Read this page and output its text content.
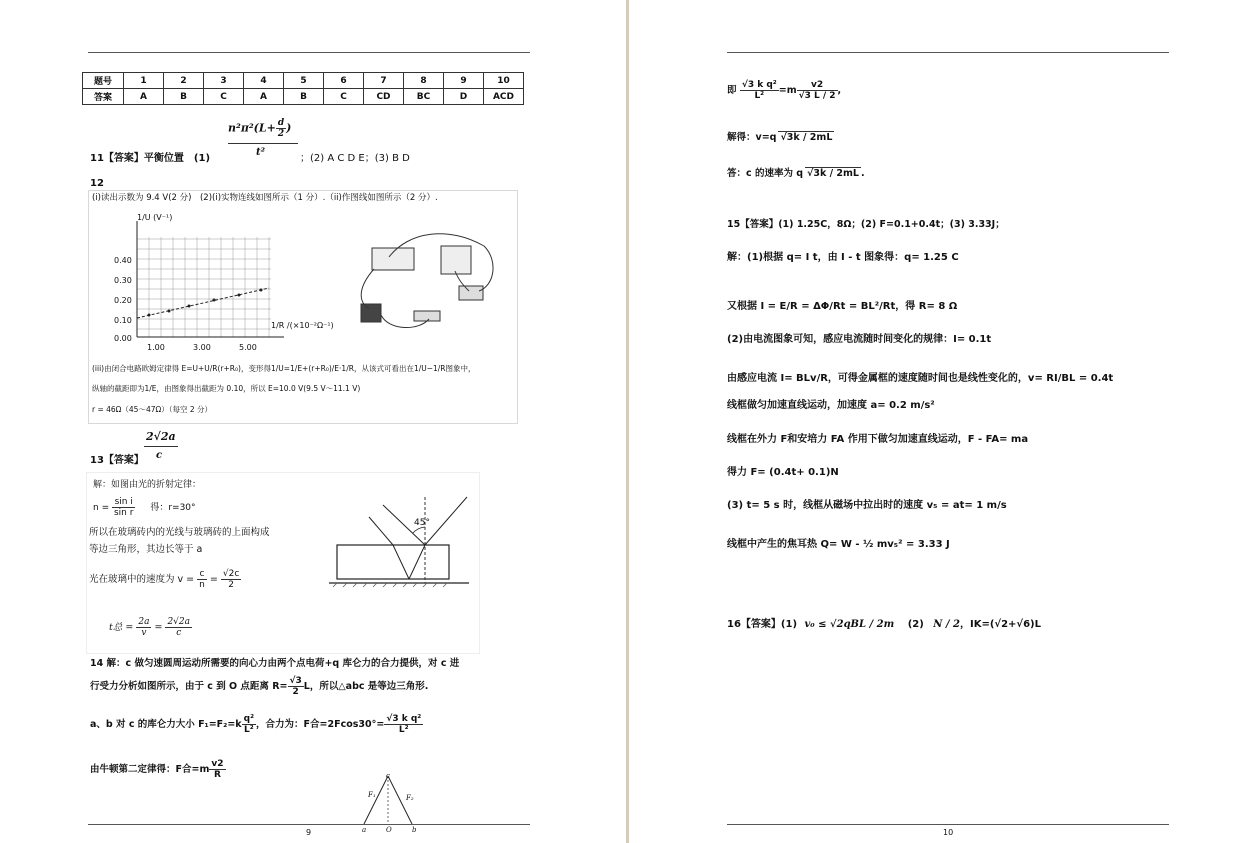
题号	1	2	3	4	5	6	7	8	9	10
答案	A	B	C	A	B	C	CD	BC	D	ACD
$n^2\pi^2(L+ \frac{d}{2}$ )
t²
11【答案】平衡位置　(1)	；(2) A C D E；(3) B D
12
(i)读出示数为 9.4 V(2 分)　(2)(i)实物连线如图所示（1 分）.（ii)作图线如图所示（2 分）.
1/U (V⁻¹)
0.40
0.30
0.20
0.10
0.00
1.00	3.00	5.00
1/R /(×10⁻²Ω⁻¹)
(iii)由闭合电路欧姆定律得 E=U+U/R(r+R₀)，变形得1/U=1/E+(r+R₀)/E·1/R，从该式可看出在1/U−1/R图象中，
纵轴的截距即为1/E，由图象得出截距为 0.10，所以 E=10.0 V(9.5 V～11.1 V)
r = 46Ω（45～47Ω）（每空 2 分）
2√2a
c
13【答案】
解：如图由光的折射定律：
$n = \frac{\text{sin i}}{\text{sin r}}$ 得：r=30°
所以在玻璃砖内的光线与玻璃砖的上面构成
等边三角形，其边长等于 a
光在玻璃中的速度为 $v = \frac{c}{n} = \frac{√2c}{2}$
t总 = $\frac{2a}{v} = \frac{2√2a}{c}$
45°
14 解：c 做匀速圆周运动所需要的向心力由两个点电荷+q 库仑力的合力提供，对 c 进
行受力分析如图所示，由于 c 到 O 点距离 $R= \frac{√3}{2}$ L，所以△abc 是等边三角形.
a、b 对 c 的库仑力大小 $F_1=F_2=k \frac{\text{q²}}{\text{L²}}$ ，合力为：F合$=2Fcos30^\circ= \frac{\text{√3 k q²}}{\text{L²}}$
由牛顿第二定律得：F合$=m \frac{v2}{R}$	c
F₁	F₂
a	O	b
9
即 $\frac{\text{√3 k q²}}{\text{L²}} =m \frac{v2}{√3 L / 2}$ ,
解得：v=q √3k / 2mL
答：c 的速率为 q √3k / 2mL .
15【答案】(1) 1.25C，8Ω；(2) F=0.1+0.4t；(3) 3.33J；
解：(1)根据 q= I t，由 I - t 图象得：q= 1.25 C
又根据 I = E/R = ΔΦ/Rt = BL²/Rt，得 R= 8 Ω
(2)由电流图象可知，感应电流随时间变化的规律：I= 0.1t
由感应电流 I= BLv/R，可得金属框的速度随时间也是线性变化的，v= RI/BL = 0.4t
线框做匀加速直线运动，加速度 a= 0.2 m/s²
线框在外力 F和安培力 FA 作用下做匀加速直线运动，F - FA= ma
得力 F= (0.4t+ 0.1)N
(3) t= 5 s 时，线框从磁场中拉出时的速度 v₅ = at= 1 m/s
线框中产生的焦耳热 Q= W - ½ mv₅² = 3.33 J
16【答案】(1) v₀ ≤ √2qBL / 2m (2) N / 2，IK=(√2+√6)L
10
